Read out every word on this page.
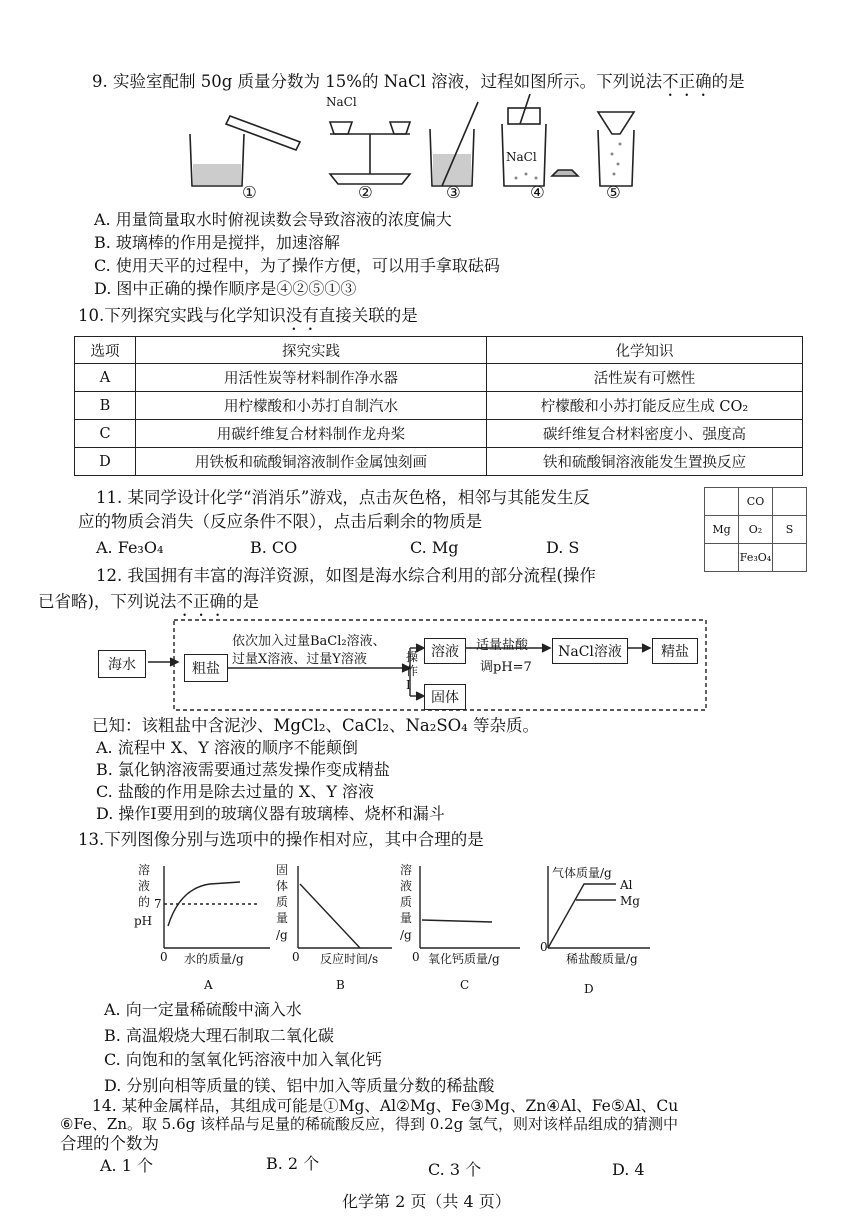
9. 实验室配制 50g 质量分数为 15%的 NaCl 溶液，过程如图所示。下列说法不正确的是
NaCl
NaCl
①	②	③	④	⑤
A. 用量筒量取水时俯视读数会导致溶液的浓度偏大
B. 玻璃棒的作用是搅拌，加速溶解
C. 使用天平的过程中，为了操作方便，可以用手拿取砝码
D. 图中正确的操作顺序是④②⑤①③
10.下列探究实践与化学知识没有直接关联的是
选项	探究实践	化学知识
A	用活性炭等材料制作净水器	活性炭有可燃性
B	用柠檬酸和小苏打自制汽水	柠檬酸和小苏打能反应生成 CO₂
C	用碳纤维复合材料制作龙舟桨	碳纤维复合材料密度小、强度高
D	用铁板和硫酸铜溶液制作金属蚀刻画	铁和硫酸铜溶液能发生置换反应
11. 某同学设计化学“消消乐”游戏，点击灰色格，相邻与其能发生反
应的物质会消失（反应条件不限），点击后剩余的物质是
A. Fe₃O₄	B. CO	C. Mg	D. S
	CO	
Mg	O₂	S
	Fe₃O₄	
12. 我国拥有丰富的海洋资源，如图是海水综合利用的部分流程(操作
已省略)，下列说法不正确的是
海水	粗盐
依次加入过量BaCl₂溶液、
过量X溶液、过量Y溶液	操作Ⅰ
溶液
固体
适量盐酸
调pH=7
NaCl溶液	精盐
已知：该粗盐中含泥沙、MgCl₂、CaCl₂、Na₂SO₄ 等杂质。
A. 流程中 X、Y 溶液的顺序不能颠倒
B. 氯化钠溶液需要通过蒸发操作变成精盐
C. 盐酸的作用是除去过量的 X、Y 溶液
D. 操作Ⅰ要用到的玻璃仪器有玻璃棒、烧杯和漏斗
13.下列图像分别与选项中的操作相对应，其中合理的是
溶 液 的
pH
7
0 水的质量/g
A
固 体 质 量
/g
0 反应时间/s
B
溶 液 质 量
/g
0 氧化钙质量/g
C
气体质量/g
Al
Mg
0
稀盐酸质量/g
D
A. 向一定量稀硫酸中滴入水
B. 高温煅烧大理石制取二氧化碳
C. 向饱和的氢氧化钙溶液中加入氧化钙
D. 分别向相等质量的镁、铝中加入等质量分数的稀盐酸
14. 某种金属样品，其组成可能是①Mg、Al②Mg、Fe③Mg、Zn④Al、Fe⑤Al、Cu
⑥Fe、Zn。取 5.6g 该样品与足量的稀硫酸反应，得到 0.2g 氢气，则对该样品组成的猜测中
合理的个数为
A. 1 个	B. 2 个	C. 3 个	D. 4
化学第 2 页（共 4 页）
